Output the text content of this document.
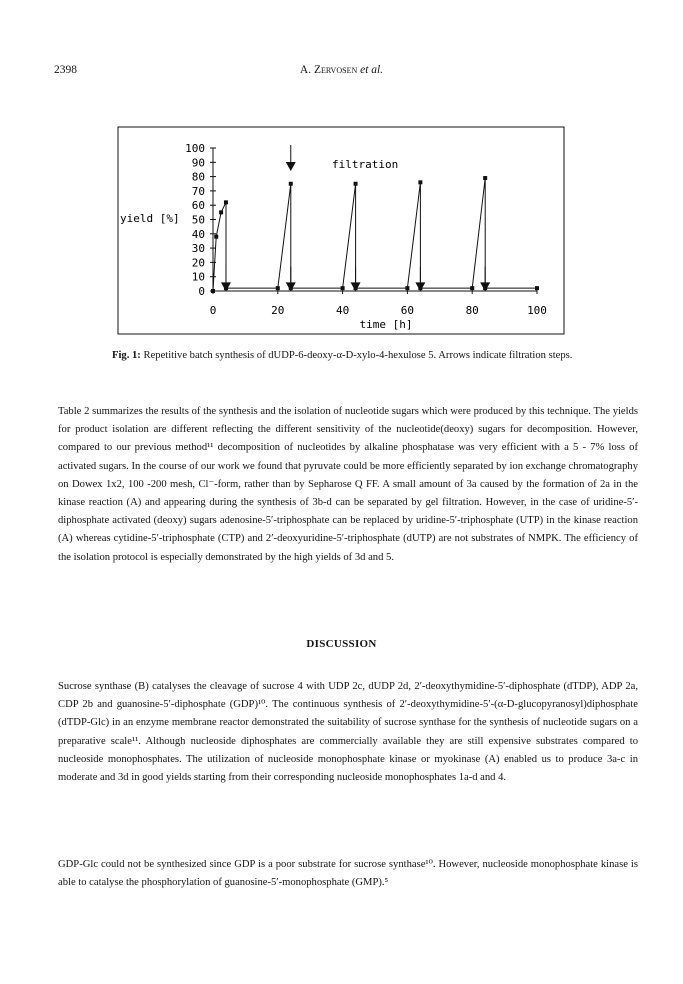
2398	A. Zervosen et al.
0
10
20
30
40
50
60
70
80
90
100
0	20	40	60	80	100
yield [%]
time [h]
filtration
Fig. 1: Repetitive batch synthesis of dUDP-6-deoxy-α-D-xylo-4-hexulose 5. Arrows indicate filtration steps.

Table 2 summarizes the results of the synthesis and the isolation of nucleotide sugars which were produced by this technique. The yields for product isolation are different reflecting the different sensitivity of the nucleotide(deoxy) sugars for decomposition. However, compared to our previous method¹¹ decomposition of nucleotides by alkaline phosphatase was very efficient with a 5 - 7% loss of activated sugars. In the course of our work we found that pyruvate could be more efficiently separated by ion exchange chromatography on Dowex 1x2, 100 -200 mesh, Cl⁻-form, rather than by Sepharose Q FF. A small amount of 3a caused by the formation of 2a in the kinase reaction (A) and appearing during the synthesis of 3b-d can be separated by gel filtration. However, in the case of uridine-5′-diphosphate activated (deoxy) sugars adenosine-5′-triphosphate can be replaced by uridine-5′-triphosphate (UTP) in the kinase reaction (A) whereas cytidine-5′-triphosphate (CTP) and 2′-deoxyuridine-5′-triphosphate (dUTP) are not substrates of NMPK. The efficiency of the isolation protocol is especially demonstrated by the high yields of 3d and 5.

DISCUSSION

Sucrose synthase (B) catalyses the cleavage of sucrose 4 with UDP 2c, dUDP 2d, 2′-deoxythymidine-5′-diphosphate (dTDP), ADP 2a, CDP 2b and guanosine-5′-diphosphate (GDP)¹⁰. The continuous synthesis of 2′-deoxythymidine-5′-(α-D-glucopyranosyl)diphosphate (dTDP-Glc) in an enzyme membrane reactor demonstrated the suitability of sucrose synthase for the synthesis of nucleotide sugars on a preparative scale¹¹. Although nucleoside diphosphates are commercially available they are still expensive substrates compared to nucleoside monophosphates. The utilization of nucleoside monophosphate kinase or myokinase (A) enabled us to produce 3a-c in moderate and 3d in good yields starting from their corresponding nucleoside monophosphates 1a-d and 4.

GDP-Glc could not be synthesized since GDP is a poor substrate for sucrose synthase¹⁰. However, nucleoside monophosphate kinase is able to catalyse the phosphorylation of guanosine-5′-monophosphate (GMP).⁵
